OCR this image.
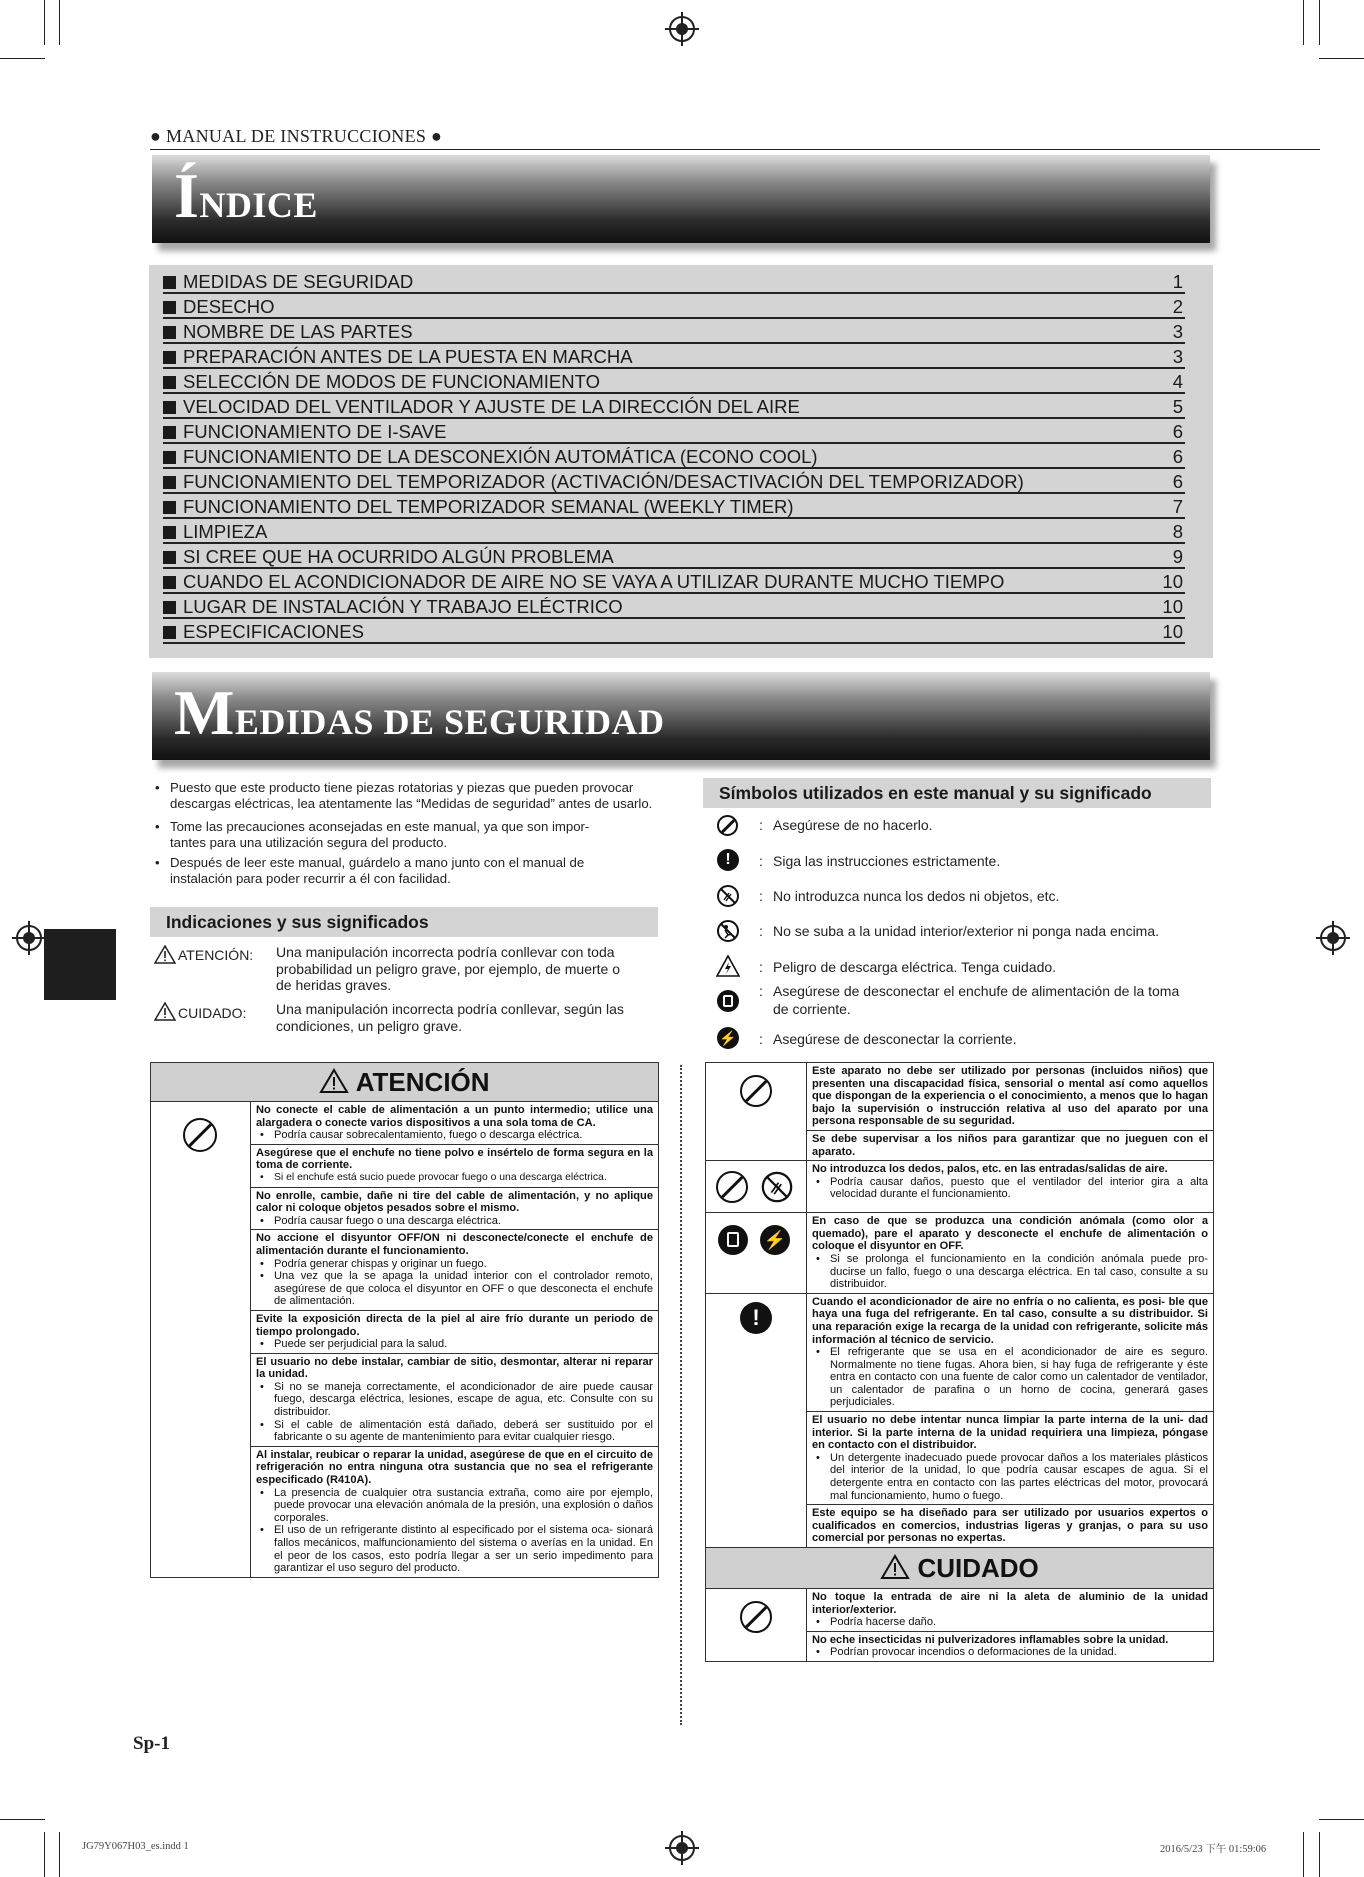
● MANUAL DE INSTRUCCIONES ●
ÍNDICE
MEDIDAS DE SEGURIDAD	1
DESECHO	2
NOMBRE DE LAS PARTES	3
PREPARACIÓN ANTES DE LA PUESTA EN MARCHA	3
SELECCIÓN DE MODOS DE FUNCIONAMIENTO	4
VELOCIDAD DEL VENTILADOR Y AJUSTE DE LA DIRECCIÓN DEL AIRE	5
FUNCIONAMIENTO DE I-SAVE	6
FUNCIONAMIENTO DE LA DESCONEXIÓN AUTOMÁTICA (ECONO COOL)	6
FUNCIONAMIENTO DEL TEMPORIZADOR (ACTIVACIÓN/DESACTIVACIÓN DEL TEMPORIZADOR)	6
FUNCIONAMIENTO DEL TEMPORIZADOR SEMANAL (WEEKLY TIMER)	7
LIMPIEZA	8
SI CREE QUE HA OCURRIDO ALGÚN PROBLEMA	9
CUANDO EL ACONDICIONADOR DE AIRE NO SE VAYA A UTILIZAR DURANTE MUCHO TIEMPO	10
LUGAR DE INSTALACIÓN Y TRABAJO ELÉCTRICO	10
ESPECIFICACIONES	10
MEDIDAS DE SEGURIDAD
• Puesto que este producto tiene piezas rotatorias y piezas que pueden provocar
descargas eléctricas, lea atentamente las “Medidas de seguridad” antes de usarlo.
• Tome las precauciones aconsejadas en este manual, ya que son impor-
tantes para una utilización segura del producto.
• Después de leer este manual, guárdelo a mano junto con el manual de
instalación para poder recurrir a él con facilidad.
Indicaciones y sus significados
ATENCIÓN: Una manipulación incorrecta podría conllevar con toda
probabilidad un peligro grave, por ejemplo, de muerte o
de heridas graves.
CUIDADO: Una manipulación incorrecta podría conllevar, según las
condiciones, un peligro grave.
Símbolos utilizados en este manual y su significado
: Asegúrese de no hacerlo.
!	: Siga las instrucciones estrictamente.
: No introduzca nunca los dedos ni objetos, etc.
: No se suba a la unidad interior/exterior ni ponga nada encima.
: Peligro de descarga eléctrica. Tenga cuidado.
: Asegúrese de desconectar el enchufe de alimentación de la toma
de corriente.
⚡ : Asegúrese de desconectar la corriente.
ATENCIÓN

No conecte el cable de alimentación a un punto intermedio; utilice una alargadera o conecte varios dispositivos a una sola toma de CA.
• Podría causar sobrecalentamiento, fuego o descarga eléctrica.

Asegúrese que el enchufe no tiene polvo e insértelo de forma segura en la toma de corriente.
• Si el enchufe está sucio puede provocar fuego o una descarga eléctrica.

No enrolle, cambie, dañe ni tire del cable de alimentación, y no aplique calor ni coloque objetos pesados sobre el mismo.
• Podría causar fuego o una descarga eléctrica.

No accione el disyuntor OFF/ON ni desconecte/conecte el enchufe de alimentación durante el funcionamiento.
• Podría generar chispas y originar un fuego.
• Una vez que la se apaga la unidad interior con el controlador remoto, asegúrese de que coloca el disyuntor en OFF o que desconecta el enchufe de alimentación.

Evite la exposición directa de la piel al aire frío durante un periodo de tiempo prolongado.
• Puede ser perjudicial para la salud.

El usuario no debe instalar, cambiar de sitio, desmontar, alterar ni reparar la unidad.
• Si no se maneja correctamente, el acondicionador de aire puede causar fuego, descarga eléctrica, lesiones, escape de agua, etc. Consulte con su distribuidor.
• Si el cable de alimentación está dañado, deberá ser sustituido por el fabricante o su agente de mantenimiento para evitar cualquier riesgo.

Al instalar, reubicar o reparar la unidad, asegúrese de que en el circuito de refrigeración no entra ninguna otra sustancia que no sea el refrigerante especificado (R410A).
• La presencia de cualquier otra sustancia extraña, como aire por ejemplo, puede provocar una elevación anómala de la presión, una explosión o daños corporales.
• El uso de un refrigerante distinto al especificado por el sistema oca- sionará fallos mecánicos, malfuncionamiento del sistema o averías en la unidad. En el peor de los casos, esto podría llegar a ser un serio impedimento para garantizar el uso seguro del producto.

	Este aparato no debe ser utilizado por personas (incluidos niños) que presenten una discapacidad física, sensorial o mental así como aquellos que dispongan de la experiencia o el conocimiento, a menos que lo hagan bajo la supervisión o instrucción relativa al uso del aparato por una persona responsable de su seguridad.

	Se debe supervisar a los niños para garantizar que no jueguen con el aparato.

No introduzca los dedos, palos, etc. en las entradas/salidas de aire.
• Podría causar daños, puesto que el ventilador del interior gira a alta velocidad durante el funcionamiento.

⚡	En caso de que se produzca una condición anómala (como olor a quemado), pare el aparato y desconecte el enchufe de alimentación o coloque el disyuntor en OFF.
• Si se prolonga el funcionamiento en la condición anómala puede pro- ducirse un fallo, fuego o una descarga eléctrica. En tal caso, consulte a su distribuidor.

!	Cuando el acondicionador de aire no enfría o no calienta, es posi- ble que haya una fuga del refrigerante. En tal caso, consulte a su distribuidor. Si una reparación exige la recarga de la unidad con refrigerante, solicite más información al técnico de servicio.
• El refrigerante que se usa en el acondicionador de aire es seguro. Normalmente no tiene fugas. Ahora bien, si hay fuga de refrigerante y éste entra en contacto con una fuente de calor como un calentador de ventilador, un calentador de parafina o un horno de cocina, generará gases perjudiciales.

	El usuario no debe intentar nunca limpiar la parte interna de la uni- dad interior. Si la parte interna de la unidad requiriera una limpieza, póngase en contacto con el distribuidor.
• Un detergente inadecuado puede provocar daños a los materiales plásticos del interior de la unidad, lo que podría causar escapes de agua. Si el detergente entra en contacto con las partes eléctricas del motor, provocará mal funcionamiento, humo o fuego.

	Este equipo se ha diseñado para ser utilizado por usuarios expertos o cualificados en comercios, industrias ligeras y granjas, o para su uso comercial por personas no expertas.

CUIDADO	

	No toque la entrada de aire ni la aleta de aluminio de la unidad interior/exterior.
• Podría hacerse daño.

	No eche insecticidas ni pulverizadores inflamables sobre la unidad.
• Podrían provocar incendios o deformaciones de la unidad.
Sp-1
JG79Y067H03_es.indd 1	2016/5/23 下午 01:59:06
